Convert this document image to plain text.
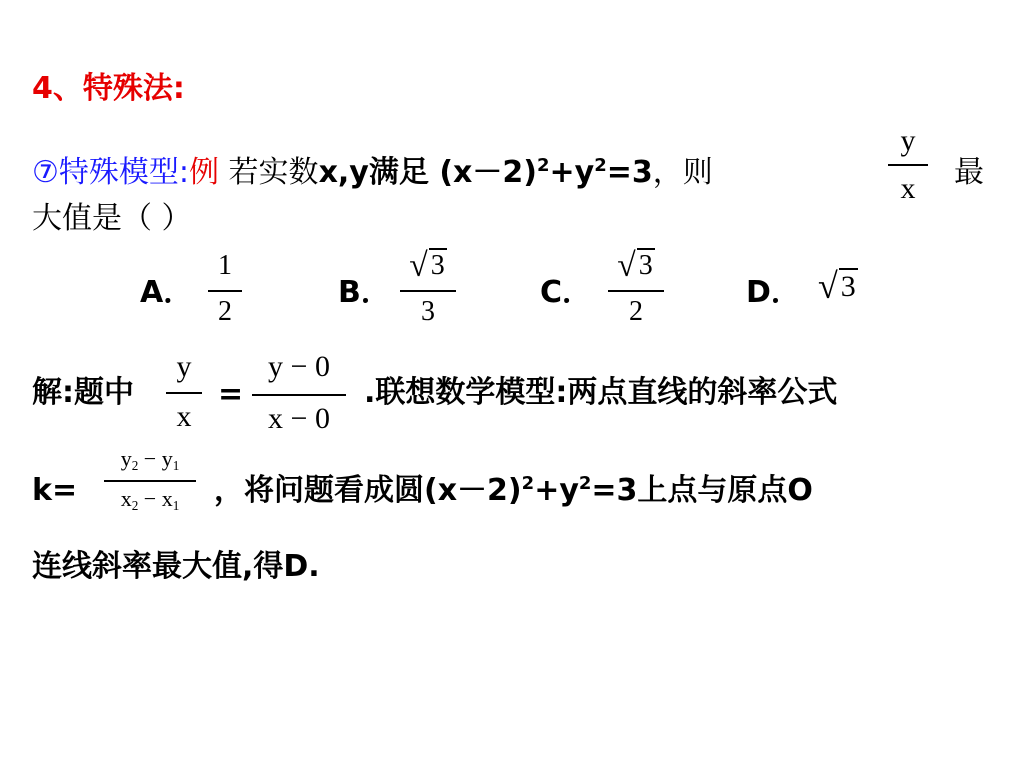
4、特殊法:
⑦特殊模型:例 若实数x,y满足 $(x-2)^2+y^2=3$，则
y
x	最
大值是（ ）
A．
1
2
B．
√ 3
3
C．
√ 3
2
D． √ 3
解:题中
y
x
=
y − 0
x − 0
.联想数学模型:两点直线的斜率公式
k=
$y_2 - y_1$
$x_2 - x_1$	，将问题看成圆$(x-2)^2+y^2=3$上点与原点O
连线斜率最大值,得D.
